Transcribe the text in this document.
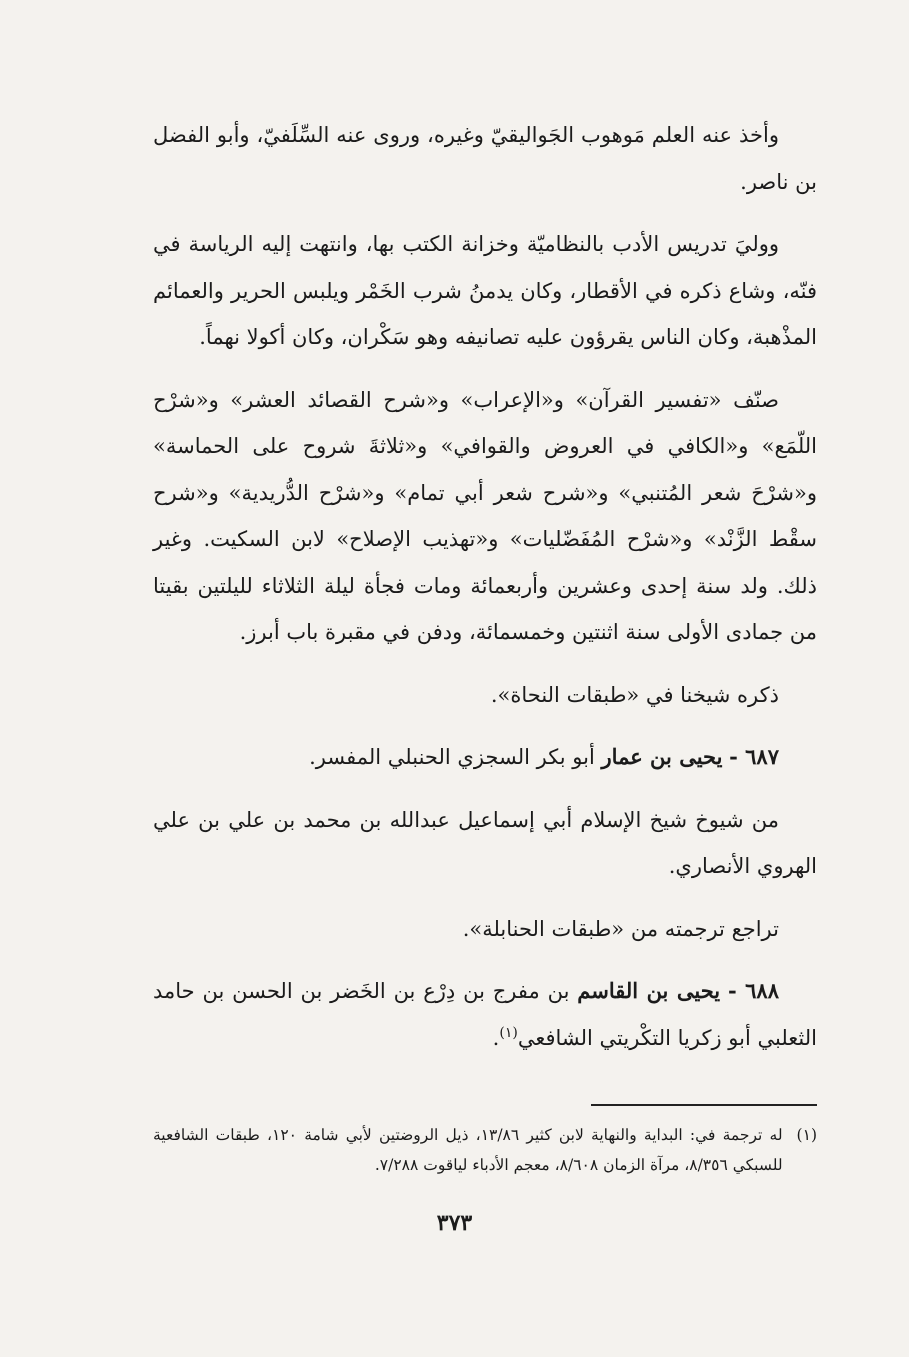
وأخذ عنه العلم مَوهوب الجَواليقيّ وغيره، وروى عنه السِّلَفيّ، وأبو الفضل بن ناصر.

ووليَ تدريس الأدب بالنظاميّة وخزانة الكتب بها، وانتهت إليه الرياسة في فنّه، وشاع ذكره في الأقطار، وكان يدمنُ شرب الخَمْر ويلبس الحرير والعمائم المذْهبة، وكان الناس يقرؤون عليه تصانيفه وهو سَكْران، وكان أكولا نهماً.

صنّف «تفسير القرآن» و«الإعراب» و«شرح القصائد العشر» و«شرْح اللّمَع» و«الكافي في العروض والقوافي» و«ثلاثةَ شروح على الحماسة» و«شرْحَ شعر المُتنبي» و«شرح شعر أبي تمام» و«شرْح الدُّريدية» و«شرح سقْط الزَّنْد» و«شرْح المُفَضّليات» و«تهذيب الإصلاح» لابن السكيت. وغير ذلك. ولد سنة إحدى وعشرين وأربعمائة ومات فجأة ليلة الثلاثاء لليلتين بقيتا من جمادى الأولى سنة اثنتين وخمسمائة، ودفن في مقبرة باب أبرز.

ذكره شيخنا في «طبقات النحاة».

٦٨٧ - يحيى بن عمار أبو بكر السجزي الحنبلي المفسر.

من شيوخ شيخ الإسلام أبي إسماعيل عبدالله بن محمد بن علي بن علي الهروي الأنصاري.

تراجع ترجمته من «طبقات الحنابلة».

٦٨٨ - يحيى بن القاسم بن مفرج بن دِرْع بن الخَضر بن الحسن بن حامد الثعلبي أبو زكريا التكْريتي الشافعي$^{(١)}$.

(١)
له ترجمة في: البداية والنهاية لابن كثير ١٣/٨٦، ذيل الروضتين لأبي شامة ١٢٠، طبقات الشافعية للسبكي ٨/٣٥٦، مرآة الزمان ٨/٦٠٨، معجم الأدباء لياقوت ٧/٢٨٨.
٣٧٣
